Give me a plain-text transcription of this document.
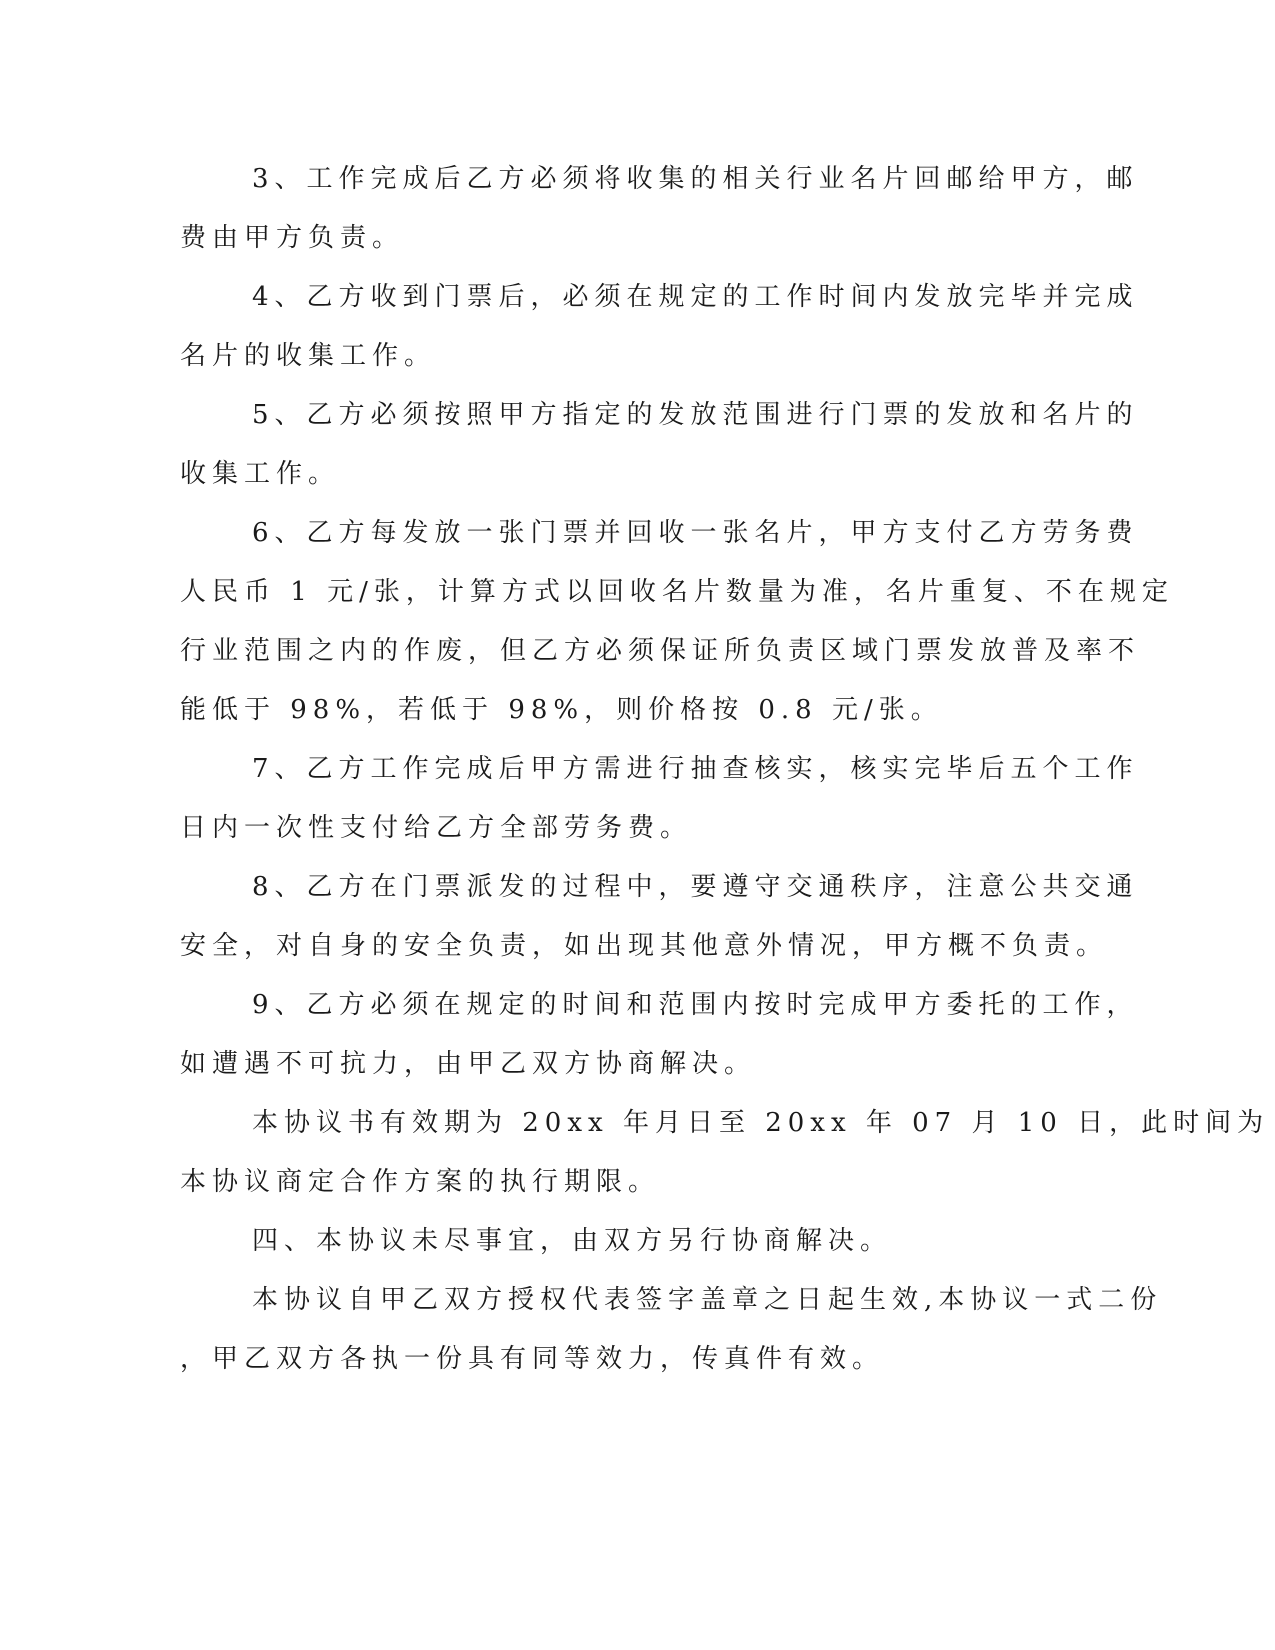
3、工作完成后乙方必须将收集的相关行业名片回邮给甲方，邮
费由甲方负责。
4、乙方收到门票后，必须在规定的工作时间内发放完毕并完成
名片的收集工作。
5、乙方必须按照甲方指定的发放范围进行门票的发放和名片的
收集工作。
6、乙方每发放一张门票并回收一张名片，甲方支付乙方劳务费
人民币 1 元/张，计算方式以回收名片数量为准，名片重复、不在规定
行业范围之内的作废，但乙方必须保证所负责区域门票发放普及率不
能低于 98%，若低于 98%，则价格按 0.8 元/张。
7、乙方工作完成后甲方需进行抽查核实，核实完毕后五个工作
日内一次性支付给乙方全部劳务费。
8、乙方在门票派发的过程中，要遵守交通秩序，注意公共交通
安全，对自身的安全负责，如出现其他意外情况，甲方概不负责。
9、乙方必须在规定的时间和范围内按时完成甲方委托的工作，
如遭遇不可抗力，由甲乙双方协商解决。
本协议书有效期为 20xx 年月日至 20xx 年 07 月 10 日，此时间为
本协议商定合作方案的执行期限。
四、本协议未尽事宜，由双方另行协商解决。
本协议自甲乙双方授权代表签字盖章之日起生效,本协议一式二份
，甲乙双方各执一份具有同等效力，传真件有效。
